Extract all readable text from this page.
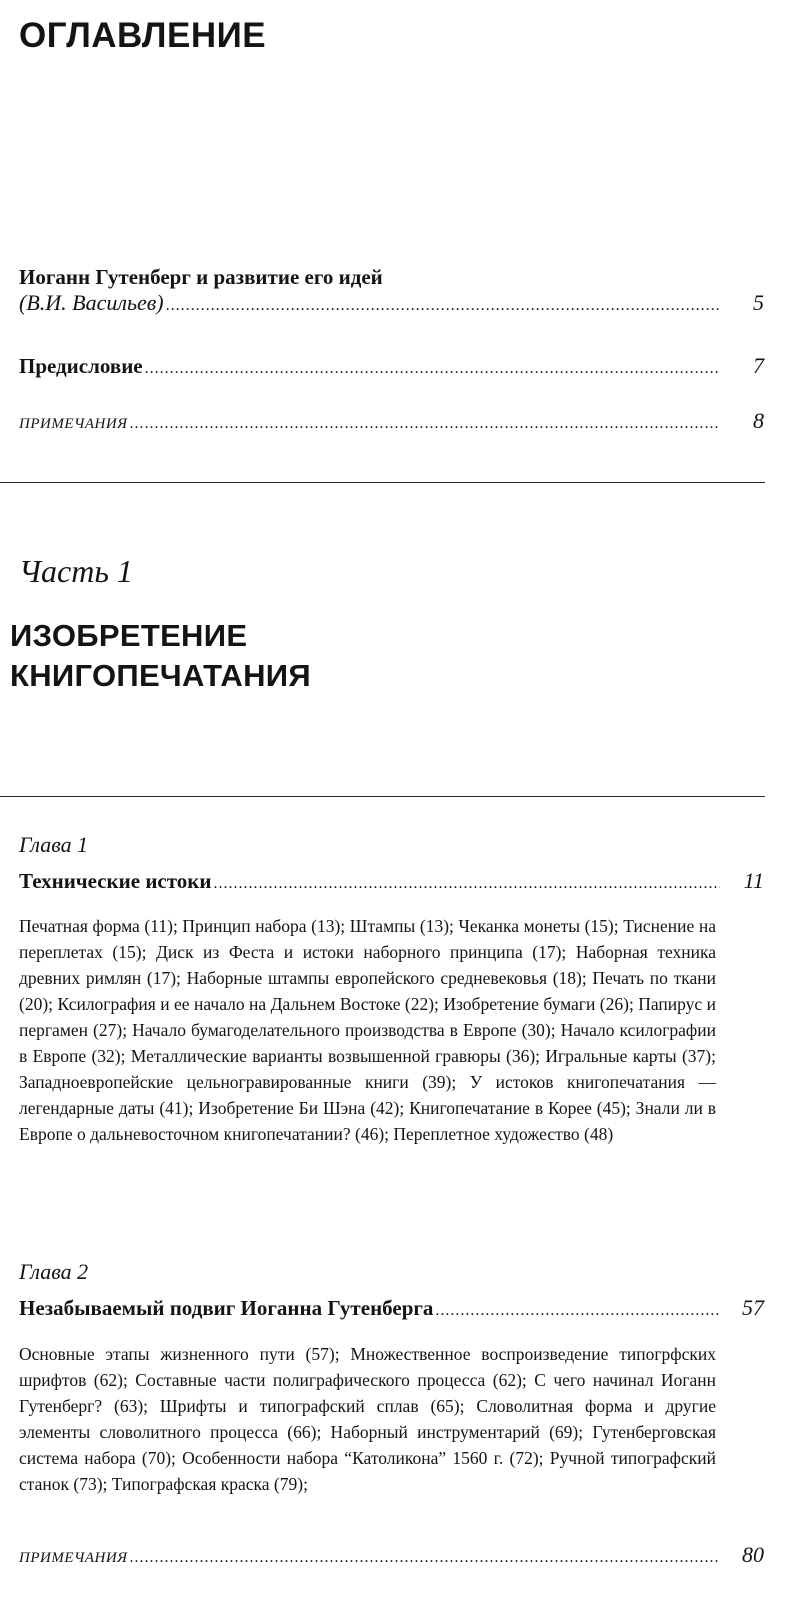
ОГЛАВЛЕНИЕ
Иоганн Гутенберг и развитие его идей
(В.И. Васильев) .....	5
Предисловие .....	7
ПРИМЕЧАНИЯ .....	8
Часть 1
ИЗОБРЕТЕНИЕ
КНИГОПЕЧАТАНИЯ
Глава 1
Технические истоки .....	11

Печатная форма (11); Принцип набора (13); Штампы (13); Чеканка монеты (15); Тиснение на переплетах (15); Диск из Феста и истоки наборного принципа (17); Наборная техника древних римлян (17); Наборные штампы европейского средневековья (18); Печать по ткани (20); Ксилография и ее начало на Дальнем Востоке (22); Изобретение бумаги (26); Папирус и пергамен (27); Начало бумагоделательного производства в Европе (30); Начало ксилографии в Европе (32); Металлические варианты возвышенной гравюры (36); Игральные карты (37); Западноевропейские цельногравированные книги (39); У истоков книгопечатания — легендарные даты (41); Изобретение Би Шэна (42); Книгопечатание в Корее (45); Знали ли в Европе о дальневосточном книгопечатании? (46); Переплетное художество (48)

Глава 2
Незабываемый подвиг Иоганна Гутенберга .....	57

Основные этапы жизненного пути (57); Множественное воспроизведение типогрфских шрифтов (62); Составные части полиграфического процесса (62); С чего начинал Иоганн Гутенберг? (63); Шрифты и типографский сплав (65); Словолитная форма и другие элементы словолитного процесса (66); Наборный инструментарий (69); Гутенберговская система набора (70); Особенности набора “Католикона” 1560 г. (72); Ручной типографский станок (73); Типографская краска (79);

ПРИМЕЧАНИЯ .....	80
